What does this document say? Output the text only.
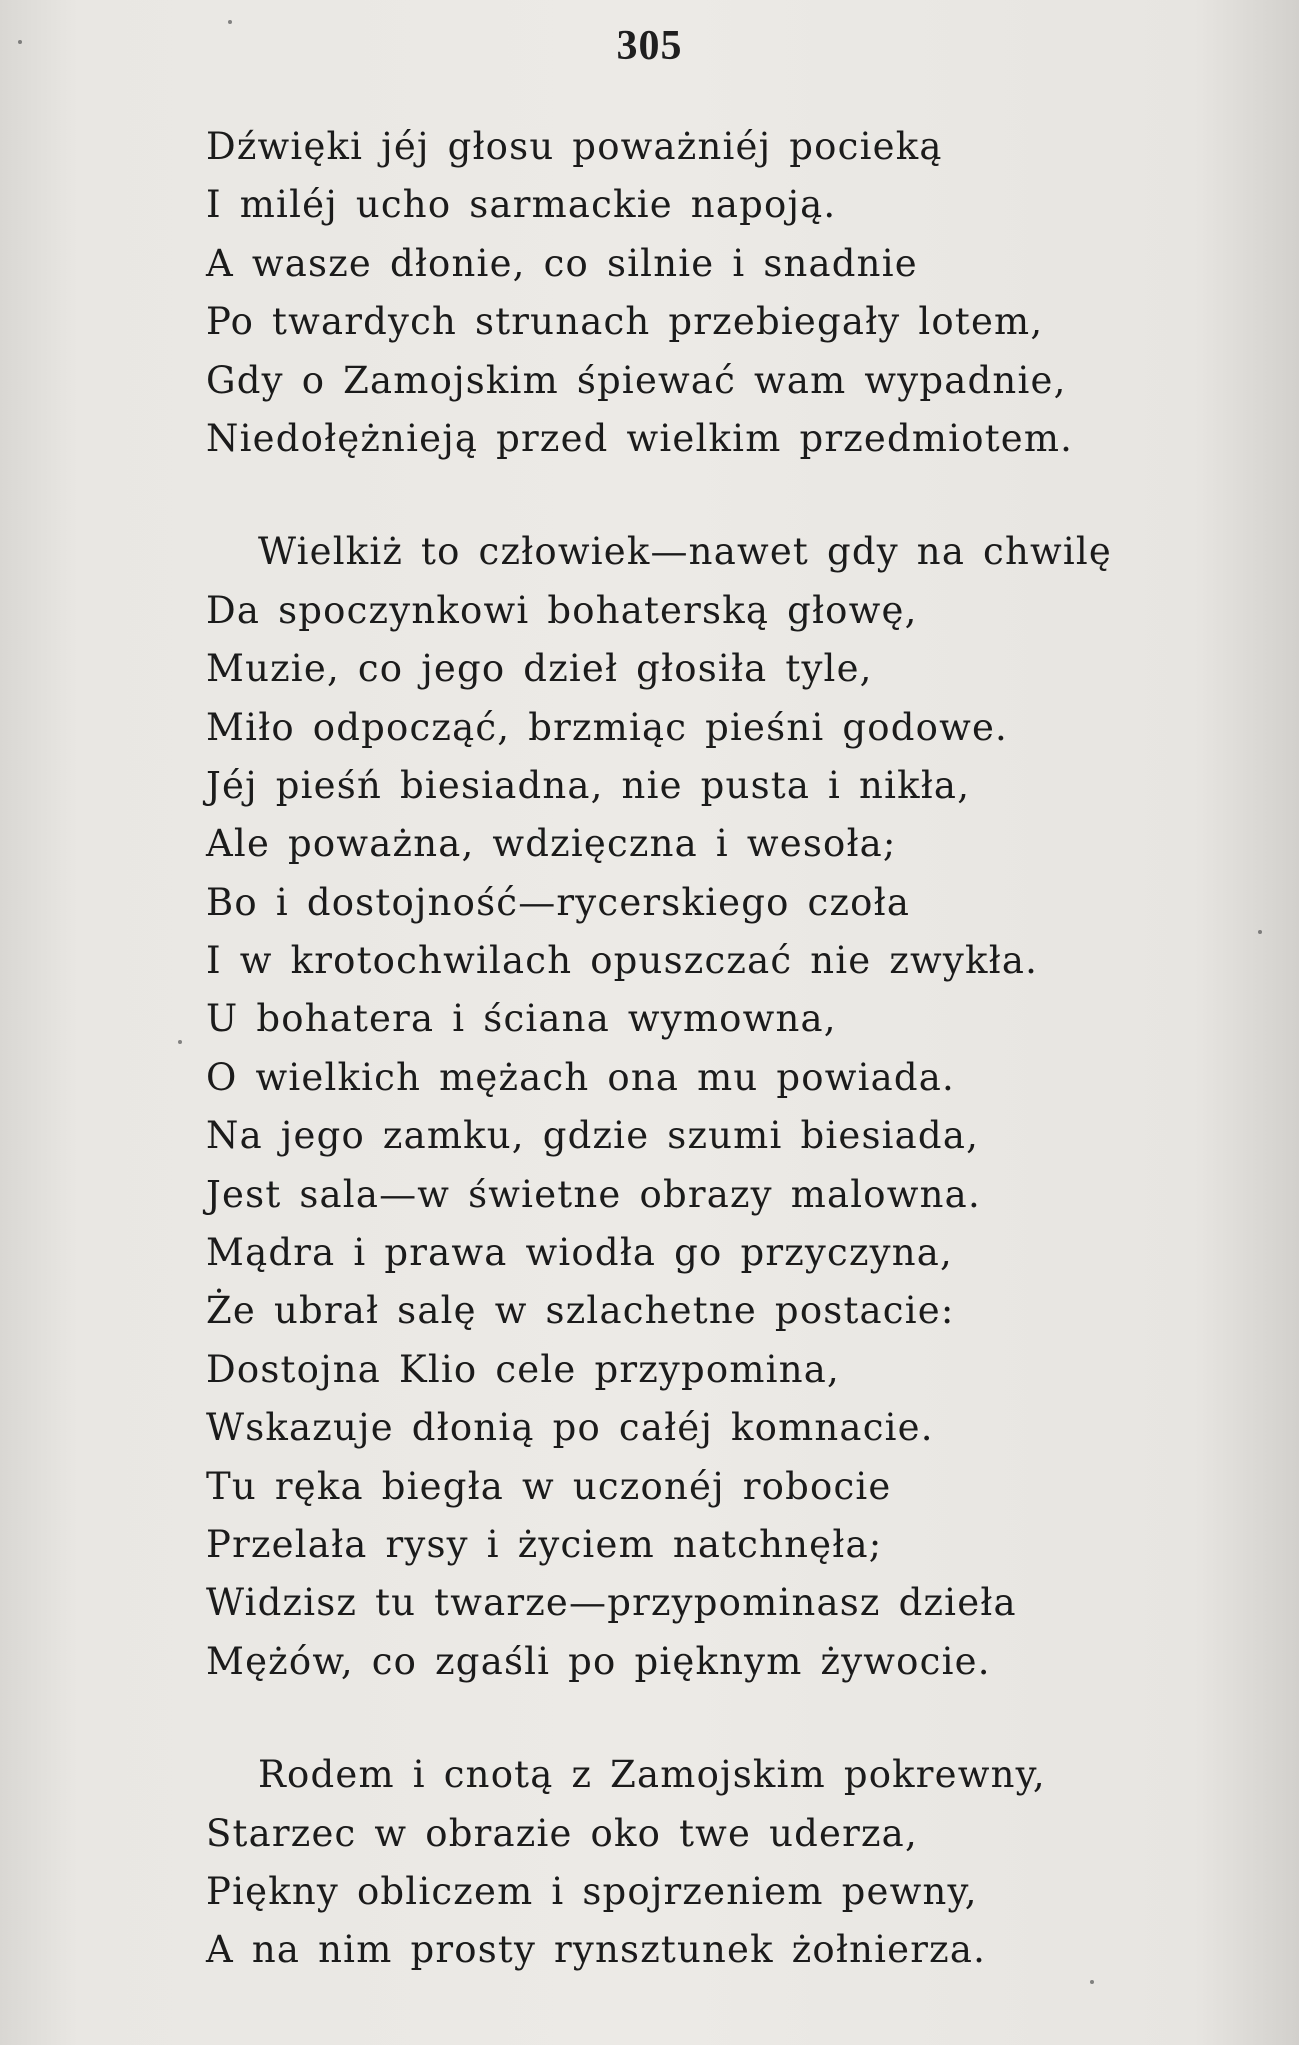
305
Dźwięki jéj głosu poważniéj pocieką
I miléj ucho sarmackie napoją.
A wasze dłonie, co silnie i snadnie
Po twardych strunach przebiegały lotem,
Gdy o Zamojskim śpiewać wam wypadnie,
Niedołężnieją przed wielkim przedmiotem.
Wielkiż to człowiek—nawet gdy na chwilę
Da spoczynkowi bohaterską głowę,
Muzie, co jego dzieł głosiła tyle,
Miło odpocząć, brzmiąc pieśni godowe.
Jéj pieśń biesiadna, nie pusta i nikła,
Ale poważna, wdzięczna i wesoła;
Bo i dostojność—rycerskiego czoła
I w krotochwilach opuszczać nie zwykła.
U bohatera i ściana wymowna,
O wielkich mężach ona mu powiada.
Na jego zamku, gdzie szumi biesiada,
Jest sala—w świetne obrazy malowna.
Mądra i prawa wiodła go przyczyna,
Że ubrał salę w szlachetne postacie:
Dostojna Klio cele przypomina,
Wskazuje dłonią po całéj komnacie.
Tu ręka biegła w uczonéj robocie
Przelała rysy i życiem natchnęła;
Widzisz tu twarze—przypominasz dzieła
Mężów, co zgaśli po pięknym żywocie.
Rodem i cnotą z Zamojskim pokrewny,
Starzec w obrazie oko twe uderza,
Piękny obliczem i spojrzeniem pewny,
A na nim prosty rynsztunek żołnierza.
